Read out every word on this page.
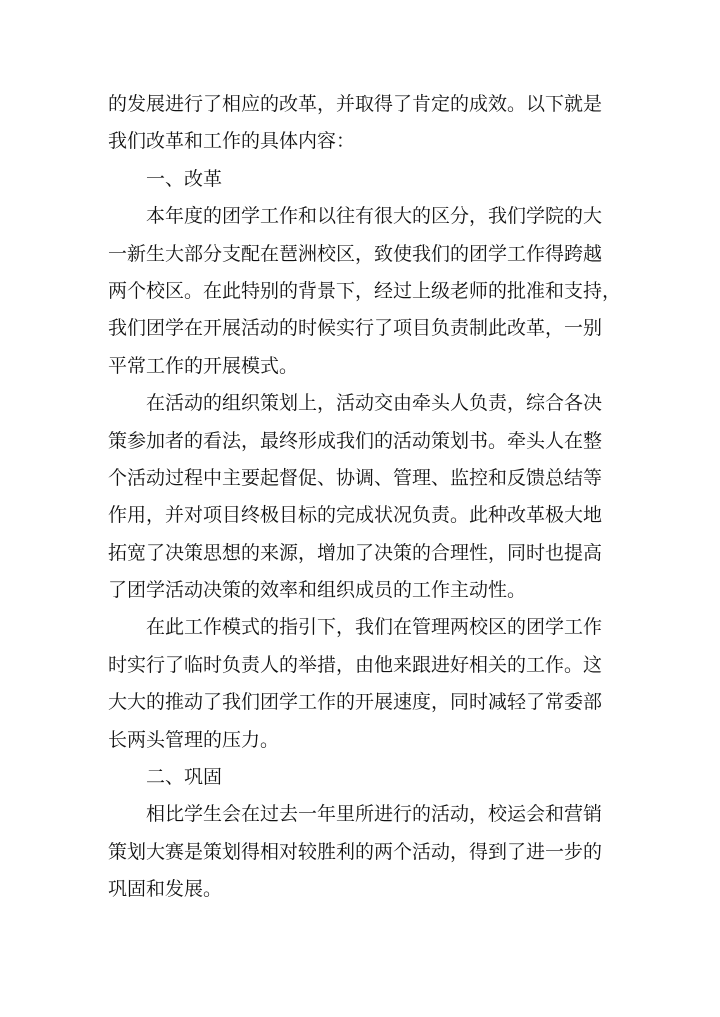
的发展进行了相应的改革，并取得了肯定的成效。以下就是
我们改革和工作的具体内容：
一、改革
本年度的团学工作和以往有很大的区分，我们学院的大
一新生大部分支配在琶洲校区，致使我们的团学工作得跨越
两个校区。在此特别的背景下，经过上级老师的批准和支持，
我们团学在开展活动的时候实行了项目负责制此改革，一别
平常工作的开展模式。
在活动的组织策划上，活动交由牵头人负责，综合各决
策参加者的看法，最终形成我们的活动策划书。牵头人在整
个活动过程中主要起督促、协调、管理、监控和反馈总结等
作用，并对项目终极目标的完成状况负责。此种改革极大地
拓宽了决策思想的来源，增加了决策的合理性，同时也提高
了团学活动决策的效率和组织成员的工作主动性。
在此工作模式的指引下，我们在管理两校区的团学工作
时实行了临时负责人的举措，由他来跟进好相关的工作。这
大大的推动了我们团学工作的开展速度，同时减轻了常委部
长两头管理的压力。
二、巩固
相比学生会在过去一年里所进行的活动，校运会和营销
策划大赛是策划得相对较胜利的两个活动，得到了进一步的
巩固和发展。
